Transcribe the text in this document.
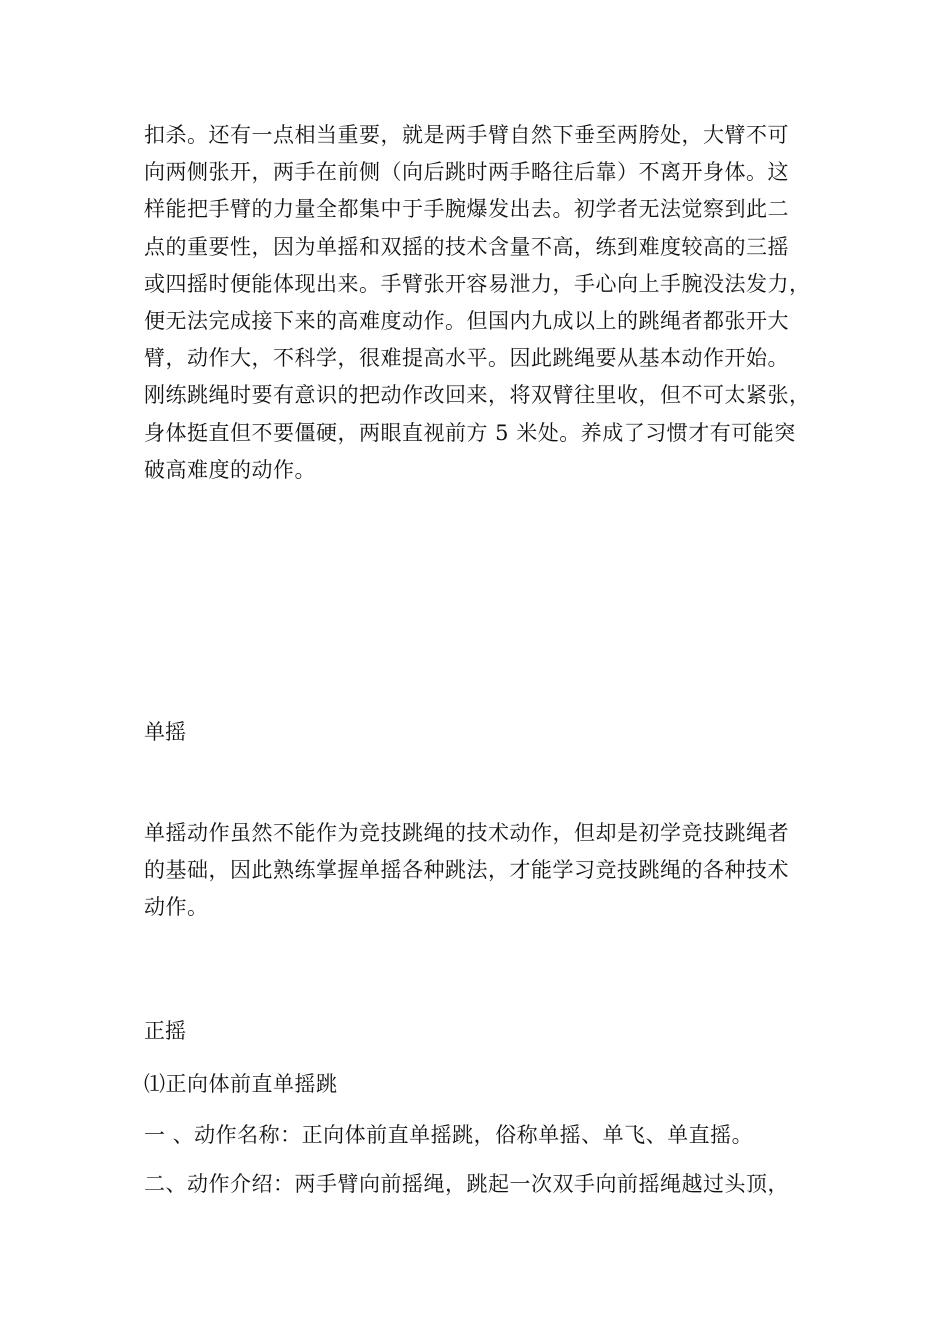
扣杀。还有一点相当重要，就是两手臂自然下垂至两胯处，大臂不可
向两侧张开，两手在前侧（向后跳时两手略往后靠）不离开身体。这
样能把手臂的力量全都集中于手腕爆发出去。初学者无法觉察到此二
点的重要性，因为单摇和双摇的技术含量不高，练到难度较高的三摇
或四摇时便能体现出来。手臂张开容易泄力，手心向上手腕没法发力，
便无法完成接下来的高难度动作。但国内九成以上的跳绳者都张开大
臂，动作大，不科学，很难提高水平。因此跳绳要从基本动作开始。
刚练跳绳时要有意识的把动作改回来，将双臂往里收，但不可太紧张，
身体挺直但不要僵硬，两眼直视前方 5 米处。养成了习惯才有可能突
破高难度的动作。
单摇
单摇动作虽然不能作为竞技跳绳的技术动作，但却是初学竞技跳绳者
的基础，因此熟练掌握单摇各种跳法，才能学习竞技跳绳的各种技术
动作。
正摇
⑴正向体前直单摇跳
一 、动作名称：正向体前直单摇跳，俗称单摇、单飞、单直摇。
二、动作介绍：两手臂向前摇绳，跳起一次双手向前摇绳越过头顶，
